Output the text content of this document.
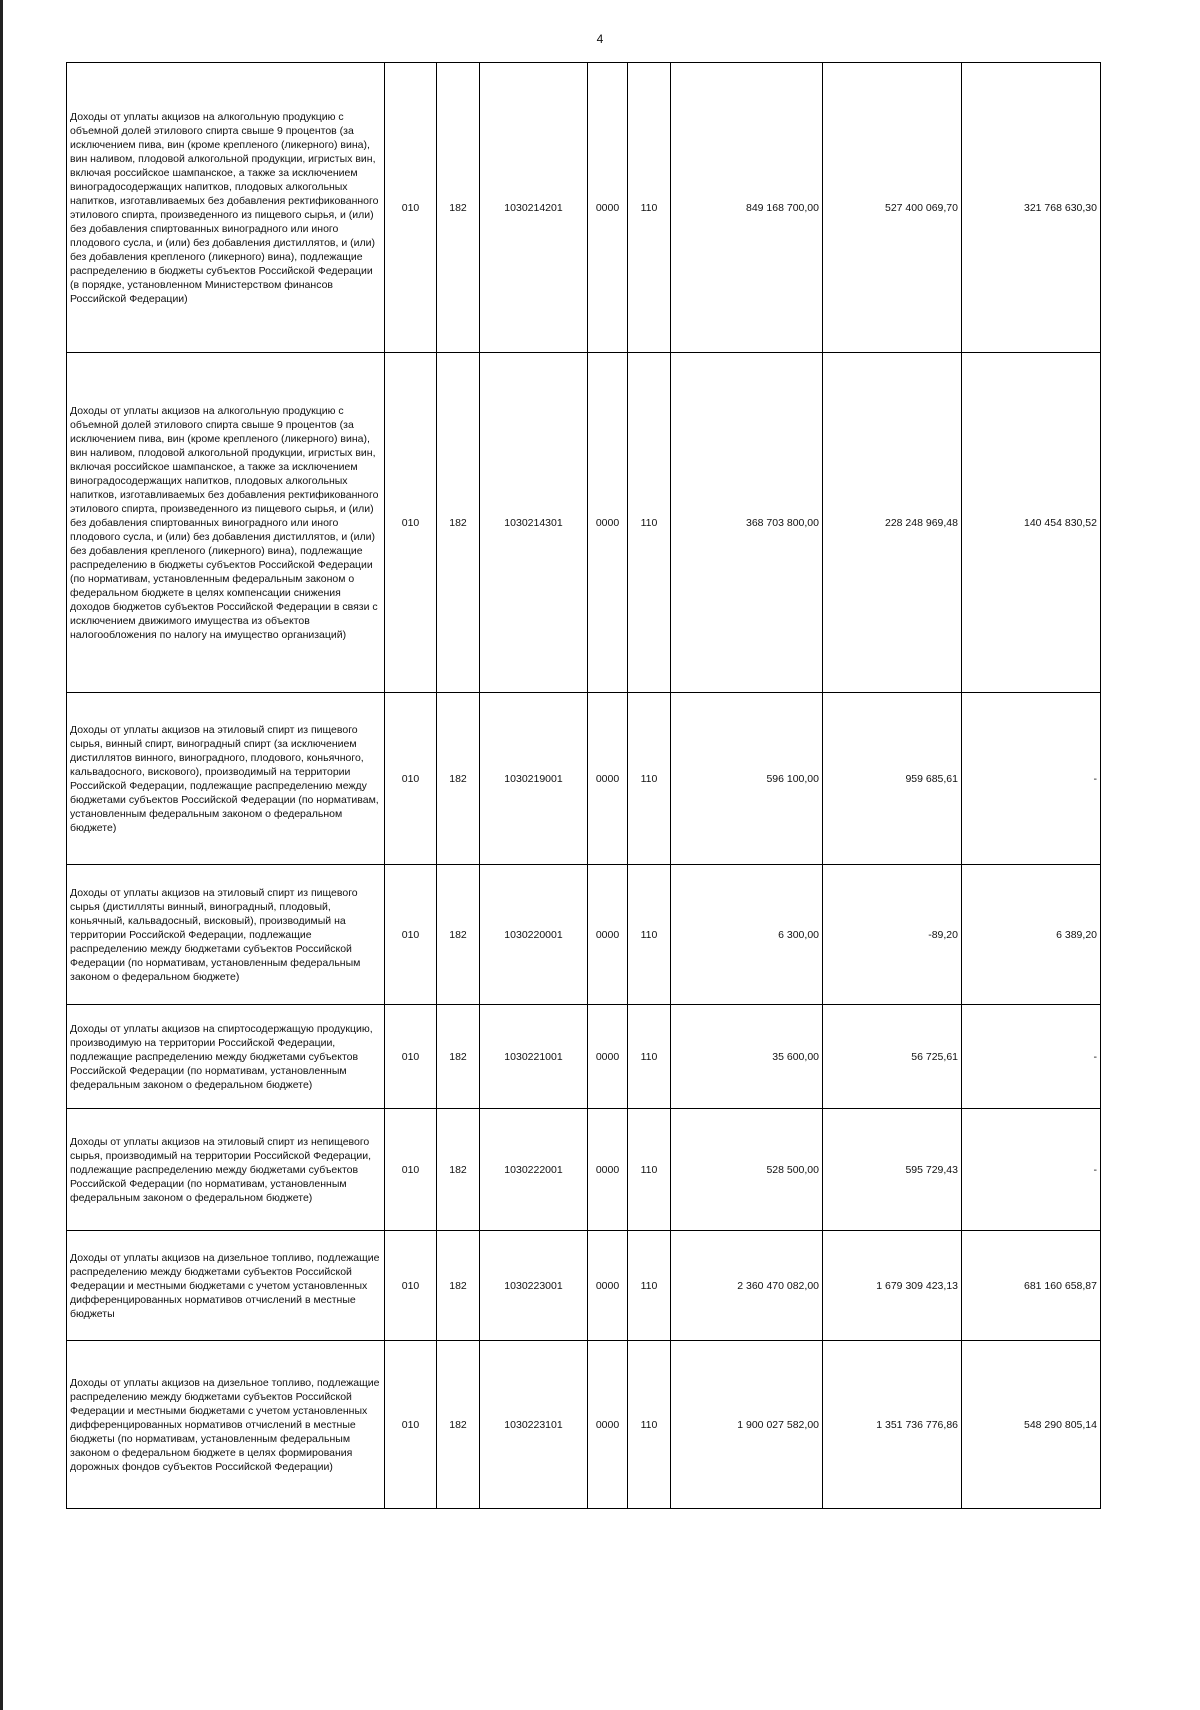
4
Доходы от уплаты акцизов на алкогольную продукцию с объемной долей этилового спирта свыше 9 процентов (за исключением пива, вин (кроме крепленого (ликерного) вина), вин наливом, плодовой алкогольной продукции, игристых вин, включая российское шампанское, а также за исключением виноградосодержащих напитков, плодовых алкогольных напитков, изготавливаемых без добавления ректификованного этилового спирта, произведенного из пищевого сырья, и (или) без добавления спиртованных виноградного или иного плодового сусла, и (или) без добавления дистиллятов, и (или) без добавления крепленого (ликерного) вина), подлежащие распределению в бюджеты субъектов Российской Федерации (в порядке, установленном Министерством финансов Российской Федерации)	010	182	1030214201	0000	110	849 168 700,00	527 400 069,70	321 768 630,30
Доходы от уплаты акцизов на алкогольную продукцию с объемной долей этилового спирта свыше 9 процентов (за исключением пива, вин (кроме крепленого (ликерного) вина), вин наливом, плодовой алкогольной продукции, игристых вин, включая российское шампанское, а также за исключением виноградосодержащих напитков, плодовых алкогольных напитков, изготавливаемых без добавления ректификованного этилового спирта, произведенного из пищевого сырья, и (или) без добавления спиртованных виноградного или иного плодового сусла, и (или) без добавления дистиллятов, и (или) без добавления крепленого (ликерного) вина), подлежащие распределению в бюджеты субъектов Российской Федерации (по нормативам, установленным федеральным законом о федеральном бюджете в целях компенсации снижения доходов бюджетов субъектов Российской Федерации в связи с исключением движимого имущества из объектов налогообложения по налогу на имущество организаций)	010	182	1030214301	0000	110	368 703 800,00	228 248 969,48	140 454 830,52
Доходы от уплаты акцизов на этиловый спирт из пищевого сырья, винный спирт, виноградный спирт (за исключением дистиллятов винного, виноградного, плодового, коньячного, кальвадосного, вискового), производимый на территории Российской Федерации, подлежащие распределению между бюджетами субъектов Российской Федерации (по нормативам, установленным федеральным законом о федеральном бюджете)	010	182	1030219001	0000	110	596 100,00	959 685,61	-
Доходы от уплаты акцизов на этиловый спирт из пищевого сырья (дистилляты винный, виноградный, плодовый, коньячный, кальвадосный, висковый), производимый на территории Российской Федерации, подлежащие распределению между бюджетами субъектов Российской Федерации (по нормативам, установленным федеральным законом о федеральном бюджете)	010	182	1030220001	0000	110	6 300,00	-89,20	6 389,20
Доходы от уплаты акцизов на спиртосодержащую продукцию, производимую на территории Российской Федерации, подлежащие распределению между бюджетами субъектов Российской Федерации (по нормативам, установленным федеральным законом о федеральном бюджете)	010	182	1030221001	0000	110	35 600,00	56 725,61	-
Доходы от уплаты акцизов на этиловый спирт из непищевого сырья, производимый на территории Российской Федерации, подлежащие распределению между бюджетами субъектов Российской Федерации (по нормативам, установленным федеральным законом о федеральном бюджете)	010	182	1030222001	0000	110	528 500,00	595 729,43	-
Доходы от уплаты акцизов на дизельное топливо, подлежащие распределению между бюджетами субъектов Российской Федерации и местными бюджетами с учетом установленных дифференцированных нормативов отчислений в местные бюджеты	010	182	1030223001	0000	110	2 360 470 082,00	1 679 309 423,13	681 160 658,87
Доходы от уплаты акцизов на дизельное топливо, подлежащие распределению между бюджетами субъектов Российской Федерации и местными бюджетами с учетом установленных дифференцированных нормативов отчислений в местные бюджеты (по нормативам, установленным федеральным законом о федеральном бюджете в целях формирования дорожных фондов субъектов Российской Федерации)	010	182	1030223101	0000	110	1 900 027 582,00	1 351 736 776,86	548 290 805,14
